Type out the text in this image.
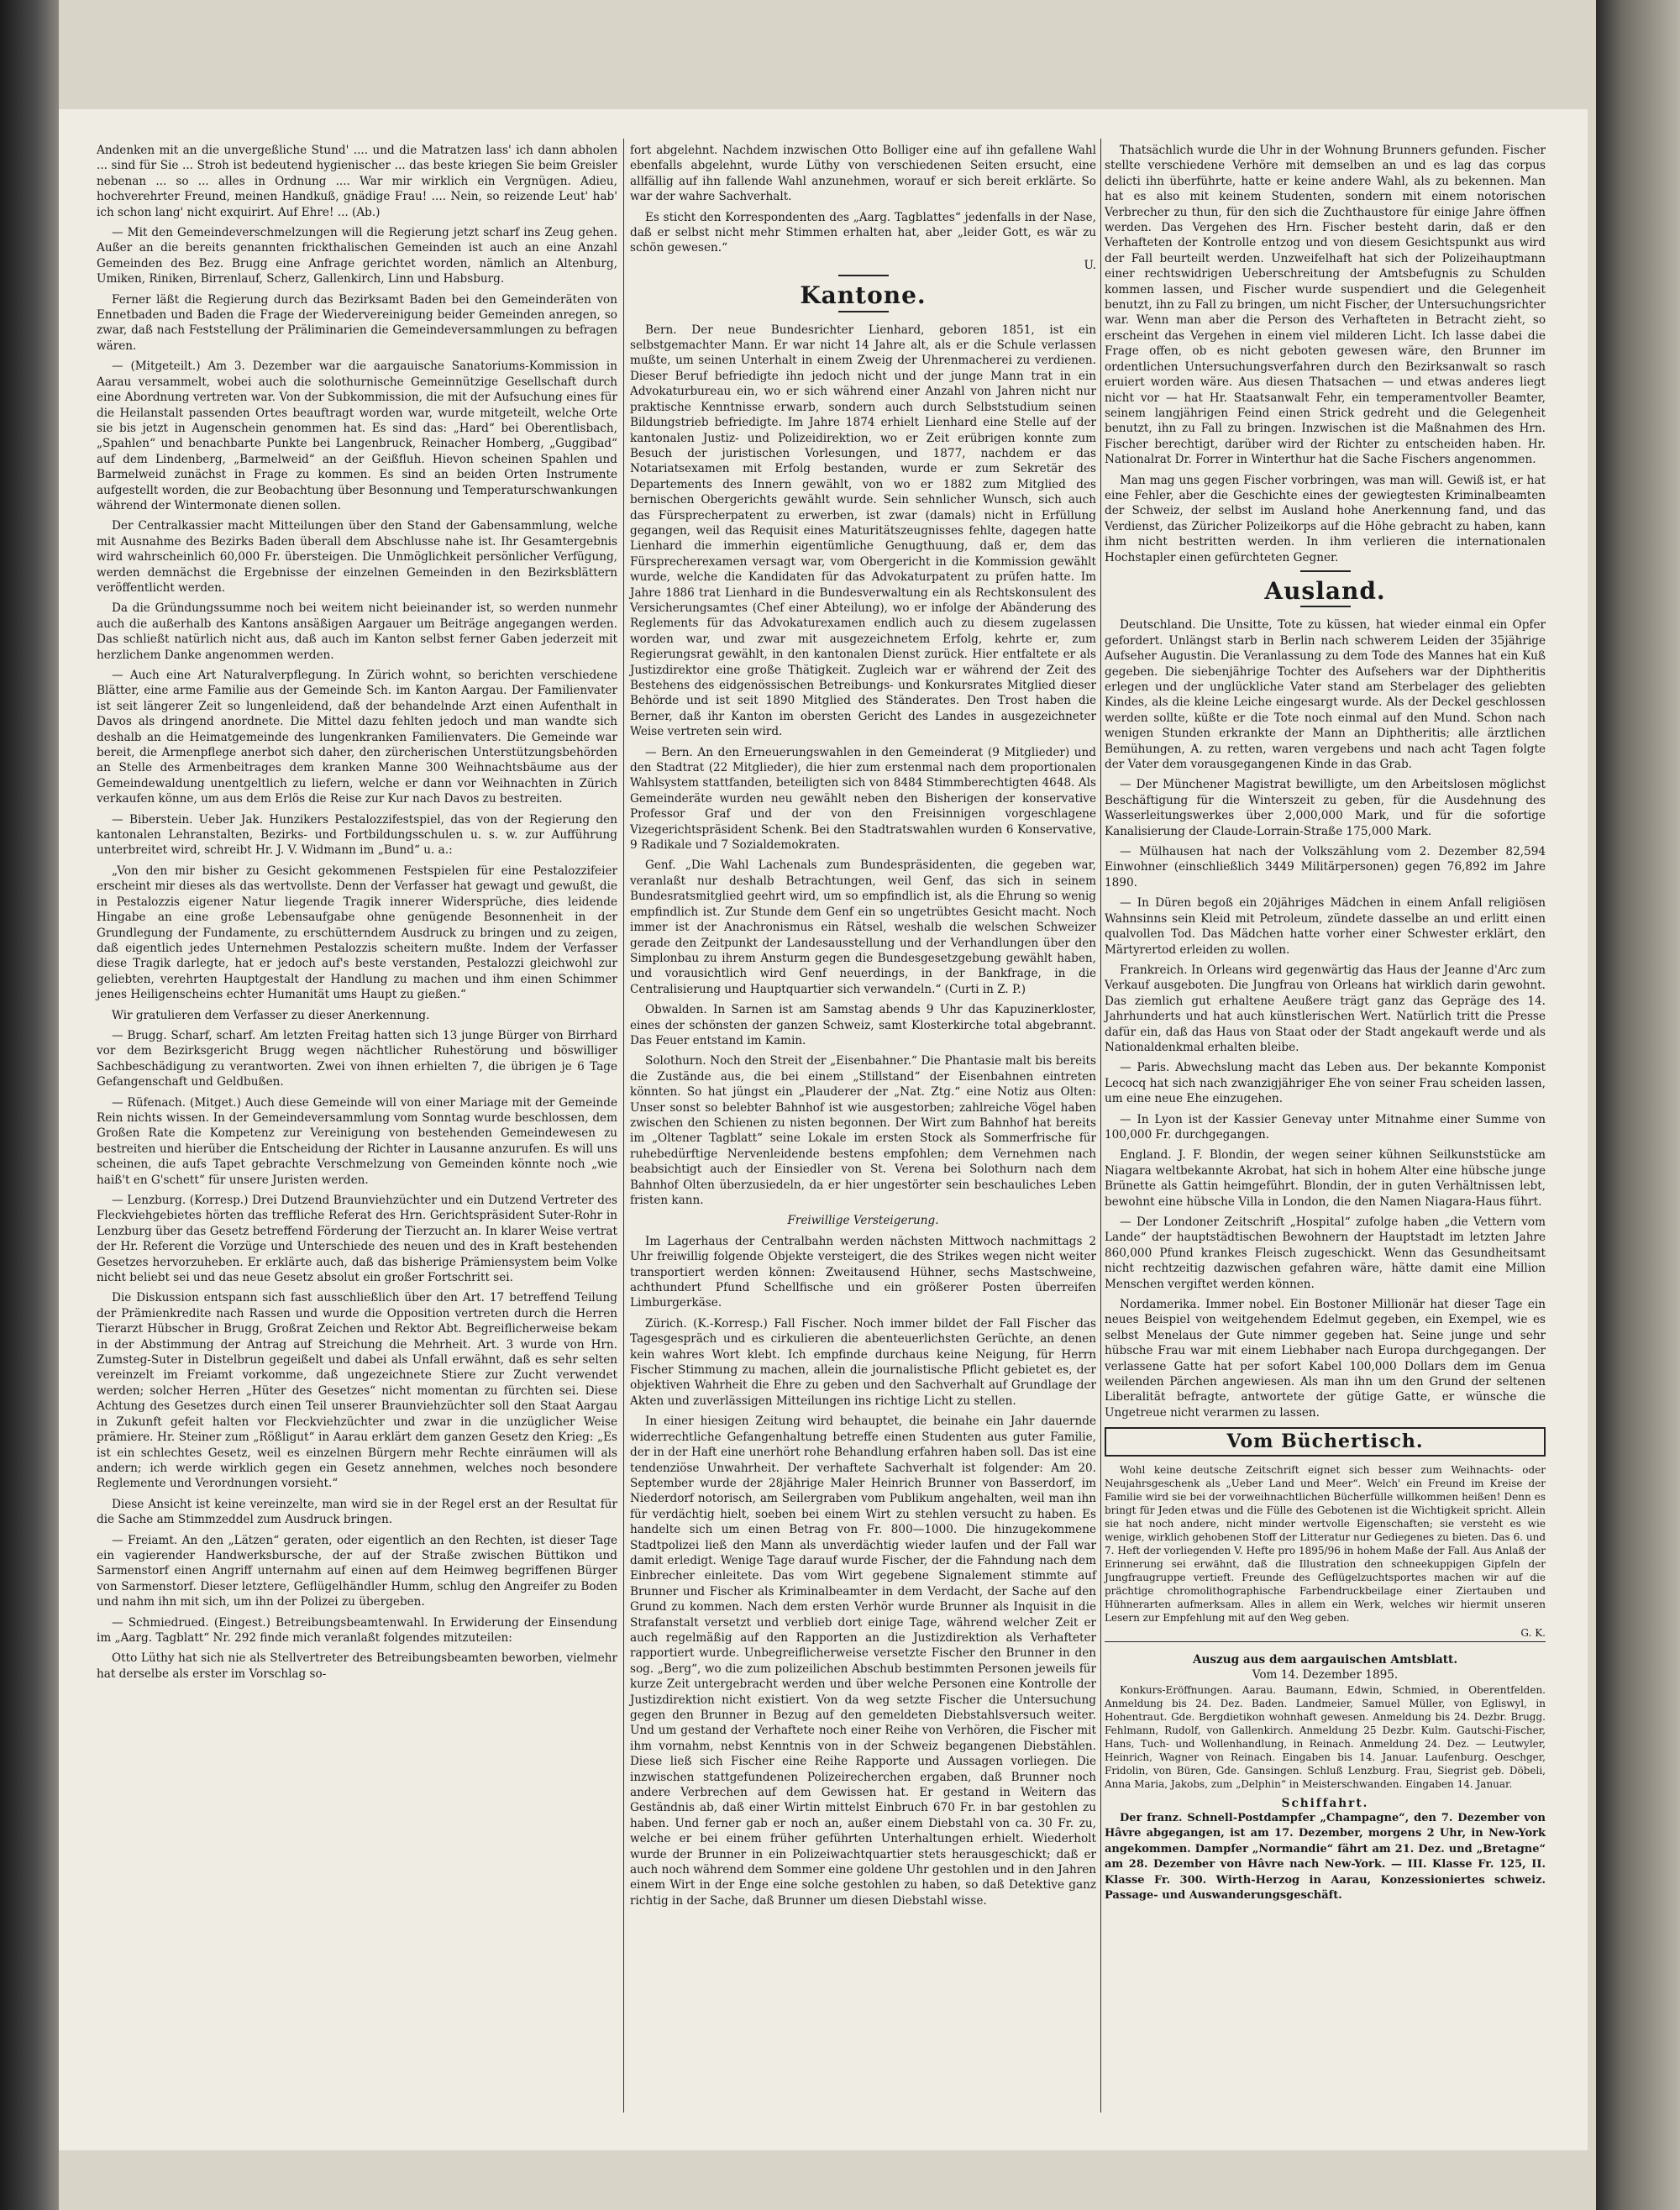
Andenken mit an die unvergeßliche Stund' .... und die Matratzen lass' ich dann abholen ... sind für Sie ... Stroh ist bedeutend hygienischer ... das beste kriegen Sie beim Greisler nebenan ... so ... alles in Ordnung .... War mir wirklich ein Vergnügen. Adieu, hochverehrter Freund, meinen Handkuß, gnädige Frau! .... Nein, so reizende Leut' hab' ich schon lang' nicht exquirirt. Auf Ehre! ... (Ab.)

— Mit den Gemeindeverschmelzungen will die Regierung jetzt scharf ins Zeug gehen. Außer an die bereits genannten frickthalischen Gemeinden ist auch an eine Anzahl Gemeinden des Bez. Brugg eine Anfrage gerichtet worden, nämlich an Altenburg, Umiken, Riniken, Birrenlauf, Scherz, Gallenkirch, Linn und Habsburg.

Ferner läßt die Regierung durch das Bezirksamt Baden bei den Gemeinderäten von Ennetbaden und Baden die Frage der Wiedervereinigung beider Gemeinden anregen, so zwar, daß nach Feststellung der Präliminarien die Gemeindeversammlungen zu befragen wären.

— (Mitgeteilt.) Am 3. Dezember war die aargauische Sanatoriums-Kommission in Aarau versammelt, wobei auch die solothurnische Gemeinnützige Gesellschaft durch eine Abordnung vertreten war. Von der Subkommission, die mit der Aufsuchung eines für die Heilanstalt passenden Ortes beauftragt worden war, wurde mitgeteilt, welche Orte sie bis jetzt in Augenschein genommen hat. Es sind das: „Hard“ bei Oberentlisbach, „Spahlen“ und benachbarte Punkte bei Langenbruck, Reinacher Homberg, „Guggibad“ auf dem Lindenberg, „Barmelweid“ an der Geißfluh. Hievon scheinen Spahlen und Barmelweid zunächst in Frage zu kommen. Es sind an beiden Orten Instrumente aufgestellt worden, die zur Beobachtung über Besonnung und Temperaturschwankungen während der Wintermonate dienen sollen.

Der Centralkassier macht Mitteilungen über den Stand der Gabensammlung, welche mit Ausnahme des Bezirks Baden überall dem Abschlusse nahe ist. Ihr Gesamtergebnis wird wahrscheinlich 60,000 Fr. übersteigen. Die Unmöglichkeit persönlicher Verfügung, werden demnächst die Ergebnisse der einzelnen Gemeinden in den Bezirksblättern veröffentlicht werden.

Da die Gründungssumme noch bei weitem nicht beieinander ist, so werden nunmehr auch die außerhalb des Kantons ansäßigen Aargauer um Beiträge angegangen werden. Das schließt natürlich nicht aus, daß auch im Kanton selbst ferner Gaben jederzeit mit herzlichem Danke angenommen werden.

— Auch eine Art Naturalverpflegung. In Zürich wohnt, so berichten verschiedene Blätter, eine arme Familie aus der Gemeinde Sch. im Kanton Aargau. Der Familienvater ist seit längerer Zeit so lungenleidend, daß der behandelnde Arzt einen Aufenthalt in Davos als dringend anordnete. Die Mittel dazu fehlten jedoch und man wandte sich deshalb an die Heimatgemeinde des lungenkranken Familienvaters. Die Gemeinde war bereit, die Armenpflege anerbot sich daher, den zürcherischen Unterstützungsbehörden an Stelle des Armenbeitrages dem kranken Manne 300 Weihnachtsbäume aus der Gemeindewaldung unentgeltlich zu liefern, welche er dann vor Weihnachten in Zürich verkaufen könne, um aus dem Erlös die Reise zur Kur nach Davos zu bestreiten.

— Biberstein. Ueber Jak. Hunzikers Pestalozzifestspiel, das von der Regierung den kantonalen Lehranstalten, Bezirks- und Fortbildungsschulen u. s. w. zur Aufführung unterbreitet wird, schreibt Hr. J. V. Widmann im „Bund“ u. a.:

„Von den mir bisher zu Gesicht gekommenen Festspielen für eine Pestalozzifeier erscheint mir dieses als das wertvollste. Denn der Verfasser hat gewagt und gewußt, die in Pestalozzis eigener Natur liegende Tragik innerer Widersprüche, dies leidende Hingabe an eine große Lebensaufgabe ohne genügende Besonnenheit in der Grundlegung der Fundamente, zu erschütterndem Ausdruck zu bringen und zu zeigen, daß eigentlich jedes Unternehmen Pestalozzis scheitern mußte. Indem der Verfasser diese Tragik darlegte, hat er jedoch auf's beste verstanden, Pestalozzi gleichwohl zur geliebten, verehrten Hauptgestalt der Handlung zu machen und ihm einen Schimmer jenes Heiligenscheins echter Humanität ums Haupt zu gießen.“

Wir gratulieren dem Verfasser zu dieser Anerkennung.

— Brugg. Scharf, scharf. Am letzten Freitag hatten sich 13 junge Bürger von Birrhard vor dem Bezirksgericht Brugg wegen nächtlicher Ruhestörung und böswilliger Sachbeschädigung zu verantworten. Zwei von ihnen erhielten 7, die übrigen je 6 Tage Gefangenschaft und Geldbußen.

— Rüfenach. (Mitget.) Auch diese Gemeinde will von einer Mariage mit der Gemeinde Rein nichts wissen. In der Gemeindeversammlung vom Sonntag wurde beschlossen, dem Großen Rate die Kompetenz zur Vereinigung von bestehenden Gemeindewesen zu bestreiten und hierüber die Entscheidung der Richter in Lausanne anzurufen. Es will uns scheinen, die aufs Tapet gebrachte Verschmelzung von Gemeinden könnte noch „wie haiß't en G'schett“ für unsere Juristen werden.

— Lenzburg. (Korresp.) Drei Dutzend Braunviehzüchter und ein Dutzend Vertreter des Fleckviehgebietes hörten das treffliche Referat des Hrn. Gerichtspräsident Suter-Rohr in Lenzburg über das Gesetz betreffend Förderung der Tierzucht an. In klarer Weise vertrat der Hr. Referent die Vorzüge und Unterschiede des neuen und des in Kraft bestehenden Gesetzes hervorzuheben. Er erklärte auch, daß das bisherige Prämiensystem beim Volke nicht beliebt sei und das neue Gesetz absolut ein großer Fortschritt sei.

Die Diskussion entspann sich fast ausschließlich über den Art. 17 betreffend Teilung der Prämienkredite nach Rassen und wurde die Opposition vertreten durch die Herren Tierarzt Hübscher in Brugg, Großrat Zeichen und Rektor Abt. Begreiflicherweise bekam in der Abstimmung der Antrag auf Streichung die Mehrheit. Art. 3 wurde von Hrn. Zumsteg-Suter in Distelbrun gegeißelt und dabei als Unfall erwähnt, daß es sehr selten vereinzelt im Freiamt vorkomme, daß ungezeichnete Stiere zur Zucht verwendet werden; solcher Herren „Hüter des Gesetzes“ nicht momentan zu fürchten sei. Diese Achtung des Gesetzes durch einen Teil unserer Braunviehzüchter soll den Staat Aargau in Zukunft gefeit halten vor Fleckviehzüchter und zwar in die unzüglicher Weise prämiere. Hr. Steiner zum „Rößligut“ in Aarau erklärt dem ganzen Gesetz den Krieg: „Es ist ein schlechtes Gesetz, weil es einzelnen Bürgern mehr Rechte einräumen will als andern; ich werde wirklich gegen ein Gesetz annehmen, welches noch besondere Reglemente und Verordnungen vorsieht.“

Diese Ansicht ist keine vereinzelte, man wird sie in der Regel erst an der Resultat für die Sache am Stimmzeddel zum Ausdruck bringen.

— Freiamt. An den „Lätzen“ geraten, oder eigentlich an den Rechten, ist dieser Tage ein vagierender Handwerksbursche, der auf der Straße zwischen Büttikon und Sarmenstorf einen Angriff unternahm auf einen auf dem Heimweg begriffenen Bürger von Sarmenstorf. Dieser letztere, Geflügelhändler Humm, schlug den Angreifer zu Boden und nahm ihn mit sich, um ihn der Polizei zu übergeben.

— Schmiedrued. (Eingest.) Betreibungsbeamtenwahl. In Erwiderung der Einsendung im „Aarg. Tagblatt“ Nr. 292 finde mich veranlaßt folgendes mitzuteilen:

Otto Lüthy hat sich nie als Stellvertreter des Betreibungsbeamten beworben, vielmehr hat derselbe als erster im Vorschlag so-

fort abgelehnt. Nachdem inzwischen Otto Bolliger eine auf ihn gefallene Wahl ebenfalls abgelehnt, wurde Lüthy von verschiedenen Seiten ersucht, eine allfällig auf ihn fallende Wahl anzunehmen, worauf er sich bereit erklärte. So war der wahre Sachverhalt.

Es sticht den Korrespondenten des „Aarg. Tagblattes“ jedenfalls in der Nase, daß er selbst nicht mehr Stimmen erhalten hat, aber „leider Gott, es wär zu schön gewesen.“

U.
Kantone.

Bern. Der neue Bundesrichter Lienhard, geboren 1851, ist ein selbstgemachter Mann. Er war nicht 14 Jahre alt, als er die Schule verlassen mußte, um seinen Unterhalt in einem Zweig der Uhrenmacherei zu verdienen. Dieser Beruf befriedigte ihn jedoch nicht und der junge Mann trat in ein Advokaturbureau ein, wo er sich während einer Anzahl von Jahren nicht nur praktische Kenntnisse erwarb, sondern auch durch Selbststudium seinen Bildungstrieb befriedigte. Im Jahre 1874 erhielt Lienhard eine Stelle auf der kantonalen Justiz- und Polizeidirektion, wo er Zeit erübrigen konnte zum Besuch der juristischen Vorlesungen, und 1877, nachdem er das Notariatsexamen mit Erfolg bestanden, wurde er zum Sekretär des Departements des Innern gewählt, von wo er 1882 zum Mitglied des bernischen Obergerichts gewählt wurde. Sein sehnlicher Wunsch, sich auch das Fürsprecherpatent zu erwerben, ist zwar (damals) nicht in Erfüllung gegangen, weil das Requisit eines Maturitätszeugnisses fehlte, dagegen hatte Lienhard die immerhin eigentümliche Genugthuung, daß er, dem das Fürsprecherexamen versagt war, vom Obergericht in die Kommission gewählt wurde, welche die Kandidaten für das Advokaturpatent zu prüfen hatte. Im Jahre 1886 trat Lienhard in die Bundesverwaltung ein als Rechtskonsulent des Versicherungsamtes (Chef einer Abteilung), wo er infolge der Abänderung des Reglements für das Advokaturexamen endlich auch zu diesem zugelassen worden war, und zwar mit ausgezeichnetem Erfolg, kehrte er, zum Regierungsrat gewählt, in den kantonalen Dienst zurück. Hier entfaltete er als Justizdirektor eine große Thätigkeit. Zugleich war er während der Zeit des Bestehens des eidgenössischen Betreibungs- und Konkursrates Mitglied dieser Behörde und ist seit 1890 Mitglied des Ständerates. Den Trost haben die Berner, daß ihr Kanton im obersten Gericht des Landes in ausgezeichneter Weise vertreten sein wird.

— Bern. An den Erneuerungswahlen in den Gemeinderat (9 Mitglieder) und den Stadtrat (22 Mitglieder), die hier zum erstenmal nach dem proportionalen Wahlsystem stattfanden, beteiligten sich von 8484 Stimmberechtigten 4648. Als Gemeinderäte wurden neu gewählt neben den Bisherigen der konservative Professor Graf und der von den Freisinnigen vorgeschlagene Vizegerichtspräsident Schenk. Bei den Stadtratswahlen wurden 6 Konservative, 9 Radikale und 7 Sozialdemokraten.

Genf. „Die Wahl Lachenals zum Bundespräsidenten, die gegeben war, veranlaßt nur deshalb Betrachtungen, weil Genf, das sich in seinem Bundesratsmitglied geehrt wird, um so empfindlich ist, als die Ehrung so wenig empfindlich ist. Zur Stunde dem Genf ein so ungetrübtes Gesicht macht. Noch immer ist der Anachronismus ein Rätsel, weshalb die welschen Schweizer gerade den Zeitpunkt der Landesausstellung und der Verhandlungen über den Simplonbau zu ihrem Ansturm gegen die Bundesgesetzgebung gewählt haben, und vorausichtlich wird Genf neuerdings, in der Bankfrage, in die Centralisierung und Hauptquartier sich verwandeln.“ (Curti in Z. P.)

Obwalden. In Sarnen ist am Samstag abends 9 Uhr das Kapuzinerkloster, eines der schönsten der ganzen Schweiz, samt Klosterkirche total abgebrannt. Das Feuer entstand im Kamin.

Solothurn. Noch den Streit der „Eisenbahner.“ Die Phantasie malt bis bereits die Zustände aus, die bei einem „Stillstand“ der Eisenbahnen eintreten könnten. So hat jüngst ein „Plauderer der „Nat. Ztg.“ eine Notiz aus Olten: Unser sonst so belebter Bahnhof ist wie ausgestorben; zahlreiche Vögel haben zwischen den Schienen zu nisten begonnen. Der Wirt zum Bahnhof hat bereits im „Oltener Tagblatt“ seine Lokale im ersten Stock als Sommerfrische für ruhebedürftige Nervenleidende bestens empfohlen; dem Vernehmen nach beabsichtigt auch der Einsiedler von St. Verena bei Solothurn nach dem Bahnhof Olten überzusiedeln, da er hier ungestörter sein beschauliches Leben fristen kann.

Freiwillige Versteigerung.

Im Lagerhaus der Centralbahn werden nächsten Mittwoch nachmittags 2 Uhr freiwillig folgende Objekte versteigert, die des Strikes wegen nicht weiter transportiert werden können: Zweitausend Hühner, sechs Mastschweine, achthundert Pfund Schellfische und ein größerer Posten überreifen Limburgerkäse.

Zürich. (K.-Korresp.) Fall Fischer. Noch immer bildet der Fall Fischer das Tagesgespräch und es cirkulieren die abenteuerlichsten Gerüchte, an denen kein wahres Wort klebt. Ich empfinde durchaus keine Neigung, für Herrn Fischer Stimmung zu machen, allein die journalistische Pflicht gebietet es, der objektiven Wahrheit die Ehre zu geben und den Sachverhalt auf Grundlage der Akten und zuverlässigen Mitteilungen ins richtige Licht zu stellen.

In einer hiesigen Zeitung wird behauptet, die beinahe ein Jahr dauernde widerrechtliche Gefangenhaltung betreffe einen Studenten aus guter Familie, der in der Haft eine unerhört rohe Behandlung erfahren haben soll. Das ist eine tendenziöse Unwahrheit. Der verhaftete Sachverhalt ist folgender: Am 20. September wurde der 28jährige Maler Heinrich Brunner von Basserdorf, im Niederdorf notorisch, am Seilergraben vom Publikum angehalten, weil man ihn für verdächtig hielt, soeben bei einem Wirt zu stehlen versucht zu haben. Es handelte sich um einen Betrag von Fr. 800—1000. Die hinzugekommene Stadtpolizei ließ den Mann als unverdächtig wieder laufen und der Fall war damit erledigt. Wenige Tage darauf wurde Fischer, der die Fahndung nach dem Einbrecher einleitete. Das vom Wirt gegebene Signalement stimmte auf Brunner und Fischer als Kriminalbeamter in dem Verdacht, der Sache auf den Grund zu kommen. Nach dem ersten Verhör wurde Brunner als Inquisit in die Strafanstalt versetzt und verblieb dort einige Tage, während welcher Zeit er auch regelmäßig auf den Rapporten an die Justizdirektion als Verhafteter rapportiert wurde. Unbegreiflicherweise versetzte Fischer den Brunner in den sog. „Berg“, wo die zum polizeilichen Abschub bestimmten Personen jeweils für kurze Zeit untergebracht werden und über welche Personen eine Kontrolle der Justizdirektion nicht existiert. Von da weg setzte Fischer die Untersuchung gegen den Brunner in Bezug auf den gemeldeten Diebstahlsversuch weiter. Und um gestand der Verhaftete noch einer Reihe von Verhören, die Fischer mit ihm vornahm, nebst Kenntnis von in der Schweiz begangenen Diebstählen. Diese ließ sich Fischer eine Reihe Rapporte und Aussagen vorliegen. Die inzwischen stattgefundenen Polizeirecherchen ergaben, daß Brunner noch andere Verbrechen auf dem Gewissen hat. Er gestand in Weitern das Geständnis ab, daß einer Wirtin mittelst Einbruch 670 Fr. in bar gestohlen zu haben. Und ferner gab er noch an, außer einem Diebstahl von ca. 30 Fr. zu, welche er bei einem früher geführten Unterhaltungen erhielt. Wiederholt wurde der Brunner in ein Polizeiwachtquartier stets herausgeschickt; daß er auch noch während dem Sommer eine goldene Uhr gestohlen und in den Jahren einem Wirt in der Enge eine solche gestohlen zu haben, so daß Detektive ganz richtig in der Sache, daß Brunner um diesen Diebstahl wisse.

Thatsächlich wurde die Uhr in der Wohnung Brunners gefunden. Fischer stellte verschiedene Verhöre mit demselben an und es lag das corpus delicti ihn überführte, hatte er keine andere Wahl, als zu bekennen. Man hat es also mit keinem Studenten, sondern mit einem notorischen Verbrecher zu thun, für den sich die Zuchthaustore für einige Jahre öffnen werden. Das Vergehen des Hrn. Fischer besteht darin, daß er den Verhafteten der Kontrolle entzog und von diesem Gesichtspunkt aus wird der Fall beurteilt werden. Unzweifelhaft hat sich der Polizeihauptmann einer rechtswidrigen Ueberschreitung der Amtsbefugnis zu Schulden kommen lassen, und Fischer wurde suspendiert und die Gelegenheit benutzt, ihn zu Fall zu bringen, um nicht Fischer, der Untersuchungsrichter war. Wenn man aber die Person des Verhafteten in Betracht zieht, so erscheint das Vergehen in einem viel milderen Licht. Ich lasse dabei die Frage offen, ob es nicht geboten gewesen wäre, den Brunner im ordentlichen Untersuchungsverfahren durch den Bezirksanwalt so rasch eruiert worden wäre. Aus diesen Thatsachen — und etwas anderes liegt nicht vor — hat Hr. Staatsanwalt Fehr, ein temperamentvoller Beamter, seinem langjährigen Feind einen Strick gedreht und die Gelegenheit benutzt, ihn zu Fall zu bringen. Inzwischen ist die Maßnahmen des Hrn. Fischer berechtigt, darüber wird der Richter zu entscheiden haben. Hr. Nationalrat Dr. Forrer in Winterthur hat die Sache Fischers angenommen.

Man mag uns gegen Fischer vorbringen, was man will. Gewiß ist, er hat eine Fehler, aber die Geschichte eines der gewiegtesten Kriminalbeamten der Schweiz, der selbst im Ausland hohe Anerkennung fand, und das Verdienst, das Züricher Polizeikorps auf die Höhe gebracht zu haben, kann ihm nicht bestritten werden. In ihm verlieren die internationalen Hochstapler einen gefürchteten Gegner.

Ausland.

Deutschland. Die Unsitte, Tote zu küssen, hat wieder einmal ein Opfer gefordert. Unlängst starb in Berlin nach schwerem Leiden der 35jährige Aufseher Augustin. Die Veranlassung zu dem Tode des Mannes hat ein Kuß gegeben. Die siebenjährige Tochter des Aufsehers war der Diphtheritis erlegen und der unglückliche Vater stand am Sterbelager des geliebten Kindes, als die kleine Leiche eingesargt wurde. Als der Deckel geschlossen werden sollte, küßte er die Tote noch einmal auf den Mund. Schon nach wenigen Stunden erkrankte der Mann an Diphtheritis; alle ärztlichen Bemühungen, A. zu retten, waren vergebens und nach acht Tagen folgte der Vater dem vorausgegangenen Kinde in das Grab.

— Der Münchener Magistrat bewilligte, um den Arbeitslosen möglichst Beschäftigung für die Winterszeit zu geben, für die Ausdehnung des Wasserleitungswerkes über 2,000,000 Mark, und für die sofortige Kanalisierung der Claude-Lorrain-Straße 175,000 Mark.

— Mülhausen hat nach der Volkszählung vom 2. Dezember 82,594 Einwohner (einschließlich 3449 Militärpersonen) gegen 76,892 im Jahre 1890.

— In Düren begoß ein 20jähriges Mädchen in einem Anfall religiösen Wahnsinns sein Kleid mit Petroleum, zündete dasselbe an und erlitt einen qualvollen Tod. Das Mädchen hatte vorher einer Schwester erklärt, den Märtyrertod erleiden zu wollen.

Frankreich. In Orleans wird gegenwärtig das Haus der Jeanne d'Arc zum Verkauf ausgeboten. Die Jungfrau von Orleans hat wirklich darin gewohnt. Das ziemlich gut erhaltene Aeußere trägt ganz das Gepräge des 14. Jahrhunderts und hat auch künstlerischen Wert. Natürlich tritt die Presse dafür ein, daß das Haus von Staat oder der Stadt angekauft werde und als Nationaldenkmal erhalten bleibe.

— Paris. Abwechslung macht das Leben aus. Der bekannte Komponist Lecocq hat sich nach zwanzigjähriger Ehe von seiner Frau scheiden lassen, um eine neue Ehe einzugehen.

— In Lyon ist der Kassier Genevay unter Mitnahme einer Summe von 100,000 Fr. durchgegangen.

England. J. F. Blondin, der wegen seiner kühnen Seilkunststücke am Niagara weltbekannte Akrobat, hat sich in hohem Alter eine hübsche junge Brünette als Gattin heimgeführt. Blondin, der in guten Verhältnissen lebt, bewohnt eine hübsche Villa in London, die den Namen Niagara-Haus führt.

— Der Londoner Zeitschrift „Hospital“ zufolge haben „die Vettern vom Lande“ der hauptstädtischen Bewohnern der Hauptstadt im letzten Jahre 860,000 Pfund krankes Fleisch zugeschickt. Wenn das Gesundheitsamt nicht rechtzeitig dazwischen gefahren wäre, hätte damit eine Million Menschen vergiftet werden können.

Nordamerika. Immer nobel. Ein Bostoner Millionär hat dieser Tage ein neues Beispiel von weitgehendem Edelmut gegeben, ein Exempel, wie es selbst Menelaus der Gute nimmer gegeben hat. Seine junge und sehr hübsche Frau war mit einem Liebhaber nach Europa durchgegangen. Der verlassene Gatte hat per sofort Kabel 100,000 Dollars dem im Genua weilenden Pärchen angewiesen. Als man ihn um den Grund der seltenen Liberalität befragte, antwortete der gütige Gatte, er wünsche die Ungetreue nicht verarmen zu lassen.

Vom Büchertisch.

Wohl keine deutsche Zeitschrift eignet sich besser zum Weihnachts- oder Neujahrsgeschenk als „Ueber Land und Meer“. Welch' ein Freund im Kreise der Familie wird sie bei der vorweihnachtlichen Bücherfülle willkommen heißen! Denn es bringt für Jeden etwas und die Fülle des Gebotenen ist die Wichtigkeit spricht. Allein sie hat noch andere, nicht minder wertvolle Eigenschaften; sie versteht es wie wenige, wirklich gehobenen Stoff der Litteratur nur Gediegenes zu bieten. Das 6. und 7. Heft der vorliegenden V. Hefte pro 1895/96 in hohem Maße der Fall. Aus Anlaß der Erinnerung sei erwähnt, daß die Illustration den schneekuppigen Gipfeln der Jungfraugruppe vertieft. Freunde des Geflügelzuchtsportes machen wir auf die prächtige chromolithographische Farbendruckbeilage einer Ziertauben und Hühnerarten aufmerksam. Alles in allem ein Werk, welches wir hiermit unseren Lesern zur Empfehlung mit auf den Weg geben.

G. K.
Auszug aus dem aargauischen Amtsblatt.
Vom 14. Dezember 1895.

Konkurs-Eröffnungen. Aarau. Baumann, Edwin, Schmied, in Oberentfelden. Anmeldung bis 24. Dez. Baden. Landmeier, Samuel Müller, von Egliswyl, in Hohentraut. Gde. Bergdietikon wohnhaft gewesen. Anmeldung bis 24. Dezbr. Brugg. Fehlmann, Rudolf, von Gallenkirch. Anmeldung 25 Dezbr. Kulm. Gautschi-Fischer, Hans, Tuch- und Wollenhandlung, in Reinach. Anmeldung 24. Dez. — Leutwyler, Heinrich, Wagner von Reinach. Eingaben bis 14. Januar. Laufenburg. Oeschger, Fridolin, von Büren, Gde. Gansingen. Schluß Lenzburg. Frau, Siegrist geb. Döbeli, Anna Maria, Jakobs, zum „Delphin“ in Meisterschwanden. Eingaben 14. Januar.

Schiffahrt.

Der franz. Schnell-Postdampfer „Champagne“, den 7. Dezember von Hâvre abgegangen, ist am 17. Dezember, morgens 2 Uhr, in New-York angekommen. Dampfer „Normandie“ fährt am 21. Dez. und „Bretagne“ am 28. Dezember von Hâvre nach New-York. — III. Klasse Fr. 125, II. Klasse Fr. 300. Wirth-Herzog in Aarau, Konzessioniertes schweiz. Passage- und Auswanderungsgeschäft.
